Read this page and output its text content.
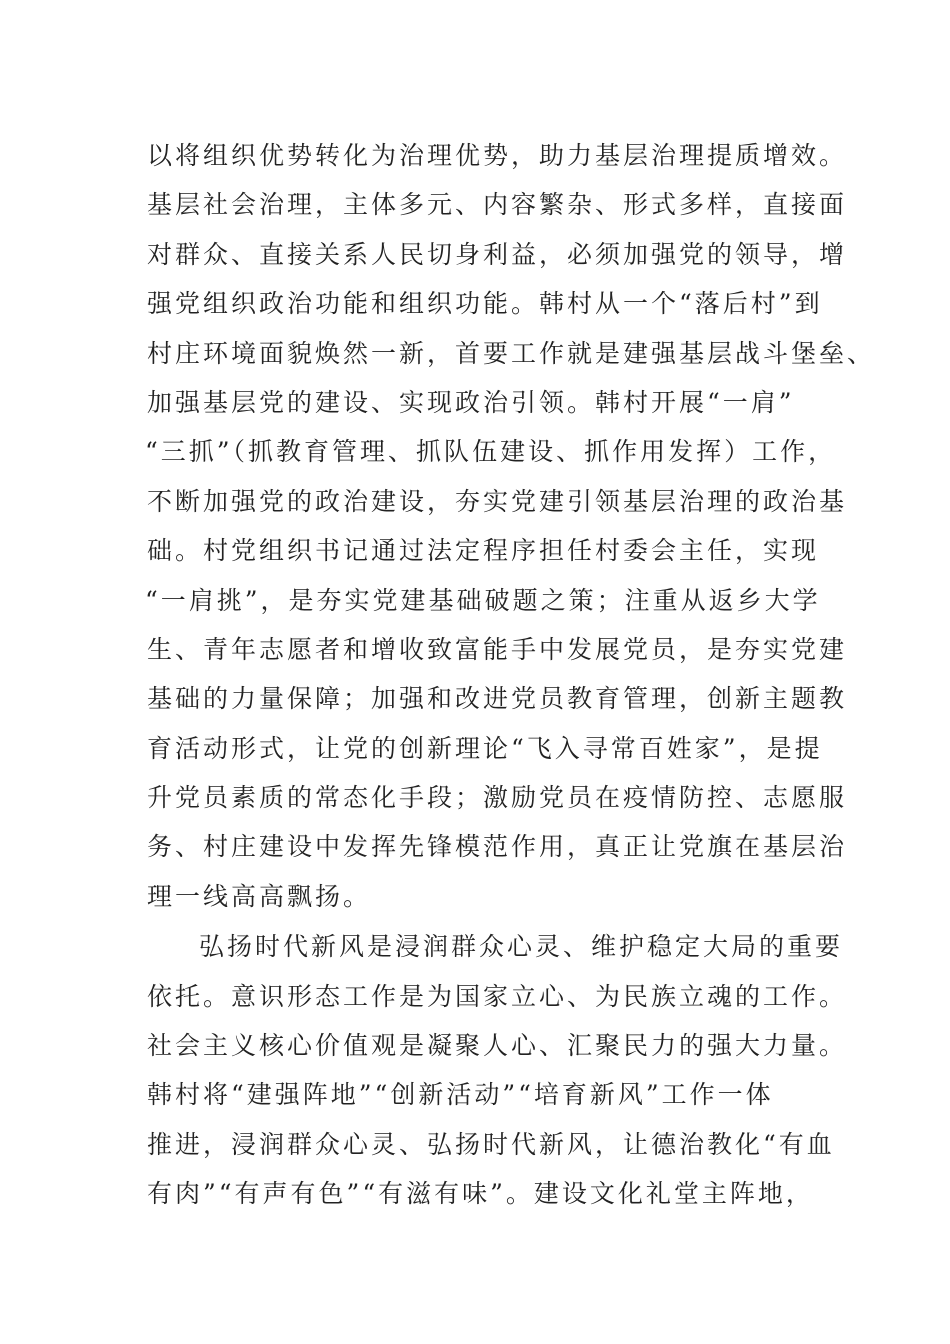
以将组织优势转化为治理优势，助力基层治理提质增效。
基层社会治理，主体多元、内容繁杂、形式多样，直接面
对群众、直接关系人民切身利益，必须加强党的领导，增
强党组织政治功能和组织功能。韩村从一个“落后村”到
村庄环境面貌焕然一新，首要工作就是建强基层战斗堡垒、
加强基层党的建设、实现政治引领。韩村开展“一肩”
“三抓”（抓教育管理、抓队伍建设、抓作用发挥）工作，
不断加强党的政治建设，夯实党建引领基层治理的政治基
础。村党组织书记通过法定程序担任村委会主任，实现
“一肩挑”，是夯实党建基础破题之策；注重从返乡大学
生、青年志愿者和增收致富能手中发展党员，是夯实党建
基础的力量保障；加强和改进党员教育管理，创新主题教
育活动形式，让党的创新理论“飞入寻常百姓家”，是提
升党员素质的常态化手段；激励党员在疫情防控、志愿服
务、村庄建设中发挥先锋模范作用，真正让党旗在基层治
理一线高高飘扬。
弘扬时代新风是浸润群众心灵、维护稳定大局的重要
依托。意识形态工作是为国家立心、为民族立魂的工作。
社会主义核心价值观是凝聚人心、汇聚民力的强大力量。
韩村将“建强阵地”“创新活动”“培育新风”工作一体
推进，浸润群众心灵、弘扬时代新风，让德治教化“有血
有肉”“有声有色”“有滋有味”。建设文化礼堂主阵地，
